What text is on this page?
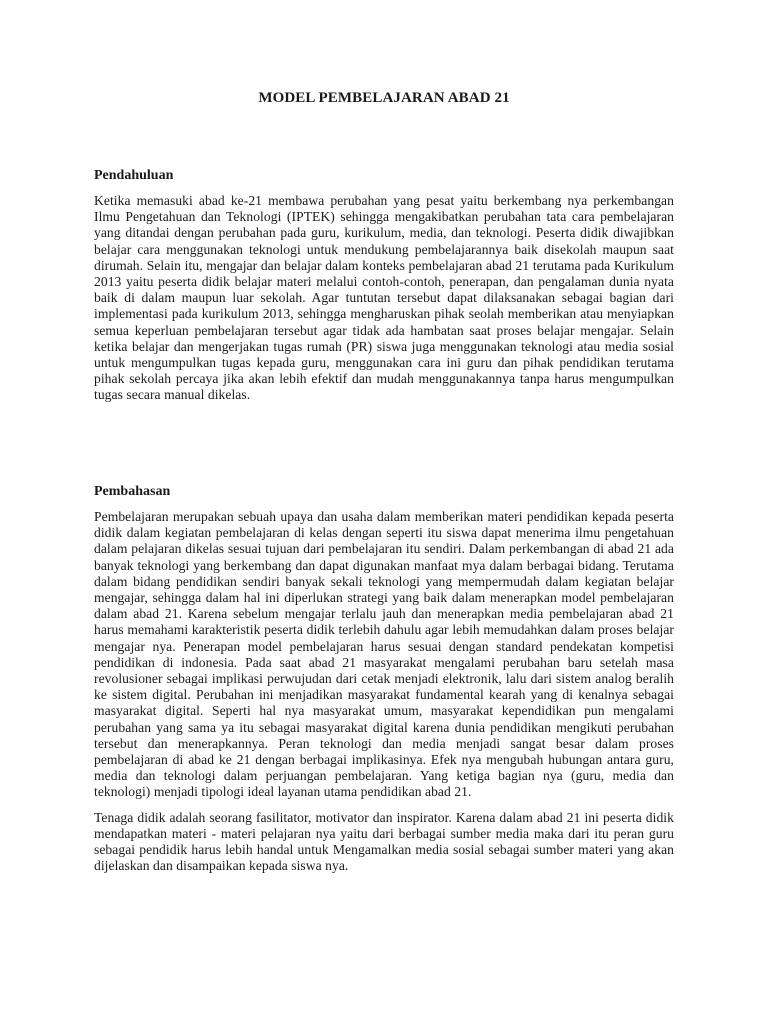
MODEL PEMBELAJARAN ABAD 21
Pendahuluan

Ketika memasuki abad ke-21 membawa perubahan yang pesat yaitu berkembang nya perkembangan Ilmu Pengetahuan dan Teknologi (IPTEK) sehingga mengakibatkan perubahan tata cara pembelajaran yang ditandai dengan perubahan pada guru, kurikulum, media, dan teknologi. Peserta didik diwajibkan belajar cara menggunakan teknologi untuk mendukung pembelajarannya baik disekolah maupun saat dirumah. Selain itu, mengajar dan belajar dalam konteks pembelajaran abad 21 terutama pada Kurikulum 2013 yaitu peserta didik belajar materi melalui contoh-contoh, penerapan, dan pengalaman dunia nyata baik di dalam maupun luar sekolah. Agar tuntutan tersebut dapat dilaksanakan sebagai bagian dari implementasi pada kurikulum 2013, sehingga mengharuskan pihak seolah memberikan atau menyiapkan semua keperluan pembelajaran tersebut agar tidak ada hambatan saat proses belajar mengajar. Selain ketika belajar dan mengerjakan tugas rumah (PR) siswa juga menggunakan teknologi atau media sosial untuk mengumpulkan tugas kepada guru, menggunakan cara ini guru dan pihak pendidikan terutama pihak sekolah percaya jika akan lebih efektif dan mudah menggunakannya tanpa harus mengumpulkan tugas secara manual dikelas.

Pembahasan

Pembelajaran merupakan sebuah upaya dan usaha dalam memberikan materi pendidikan kepada peserta didik dalam kegiatan pembelajaran di kelas dengan seperti itu siswa dapat menerima ilmu pengetahuan dalam pelajaran dikelas sesuai tujuan dari pembelajaran itu sendiri. Dalam perkembangan di abad 21 ada banyak teknologi yang berkembang dan dapat digunakan manfaat mya dalam berbagai bidang. Terutama dalam bidang pendidikan sendiri banyak sekali teknologi yang mempermudah dalam kegiatan belajar mengajar, sehingga dalam hal ini diperlukan strategi yang baik dalam menerapkan model pembelajaran dalam abad 21. Karena sebelum mengajar terlalu jauh dan menerapkan media pembelajaran abad 21 harus memahami karakteristik peserta didik terlebih dahulu agar lebih memudahkan dalam proses belajar mengajar nya. Penerapan model pembelajaran harus sesuai dengan standard pendekatan kompetisi pendidikan di indonesia. Pada saat abad 21 masyarakat mengalami perubahan baru setelah masa revolusioner sebagai implikasi perwujudan dari cetak menjadi elektronik, lalu dari sistem analog beralih ke sistem digital. Perubahan ini menjadikan masyarakat fundamental kearah yang di kenalnya sebagai masyarakat digital. Seperti hal nya masyarakat umum, masyarakat kependidikan pun mengalami perubahan yang sama ya itu sebagai masyarakat digital karena dunia pendidikan mengikuti perubahan tersebut dan menerapkannya. Peran teknologi dan media menjadi sangat besar dalam proses pembelajaran di abad ke 21 dengan berbagai implikasinya. Efek nya mengubah hubungan antara guru, media dan teknologi dalam perjuangan pembelajaran. Yang ketiga bagian nya (guru, media dan teknologi) menjadi tipologi ideal layanan utama pendidikan abad 21.

Tenaga didik adalah seorang fasilitator, motivator dan inspirator. Karena dalam abad 21 ini peserta didik mendapatkan materi - materi pelajaran nya yaitu dari berbagai sumber media maka dari itu peran guru sebagai pendidik harus lebih handal untuk Mengamalkan media sosial sebagai sumber materi yang akan dijelaskan dan disampaikan kepada siswa nya.
